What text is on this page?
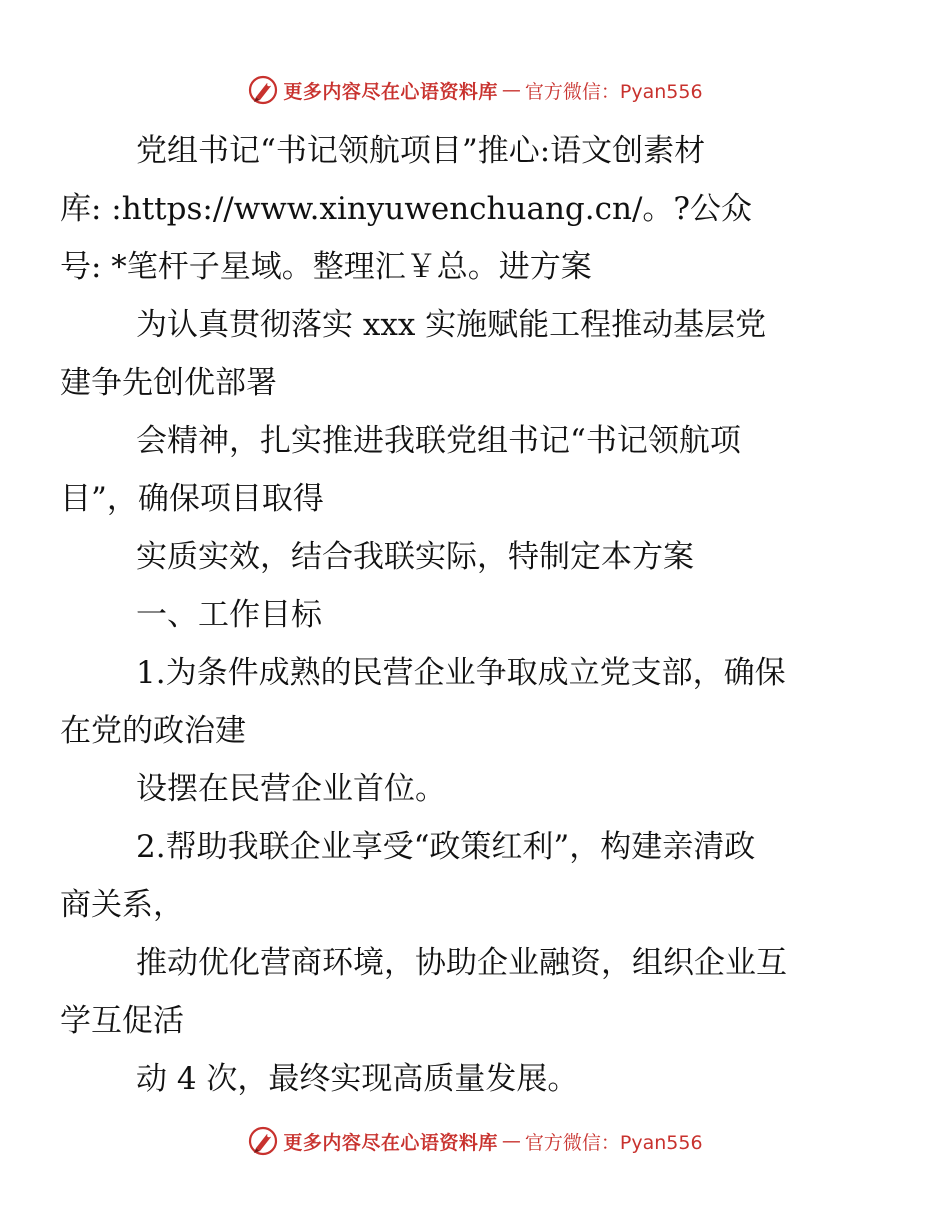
更多内容尽在心语资料库 — 官方微信：Pyan556

党组书记“书记领航项目”推心:语文创素材
库: :https://www.xinyuwenchuang.cn/。?公众
号: *笔杆子星域。整理汇￥总。进方案

为认真贯彻落实 xxx 实施赋能工程推动基层党
建争先创优部署

会精神，扎实推进我联党组书记“书记领航项
目”，确保项目取得

实质实效，结合我联实际，特制定本方案

一、工作目标

1.为条件成熟的民营企业争取成立党支部，确保
在党的政治建

设摆在民营企业首位。

2.帮助我联企业享受“政策红利”，构建亲清政
商关系，

推动优化营商环境，协助企业融资，组织企业互
学互促活

动 4 次，最终实现高质量发展。

更多内容尽在心语资料库 — 官方微信：Pyan556
